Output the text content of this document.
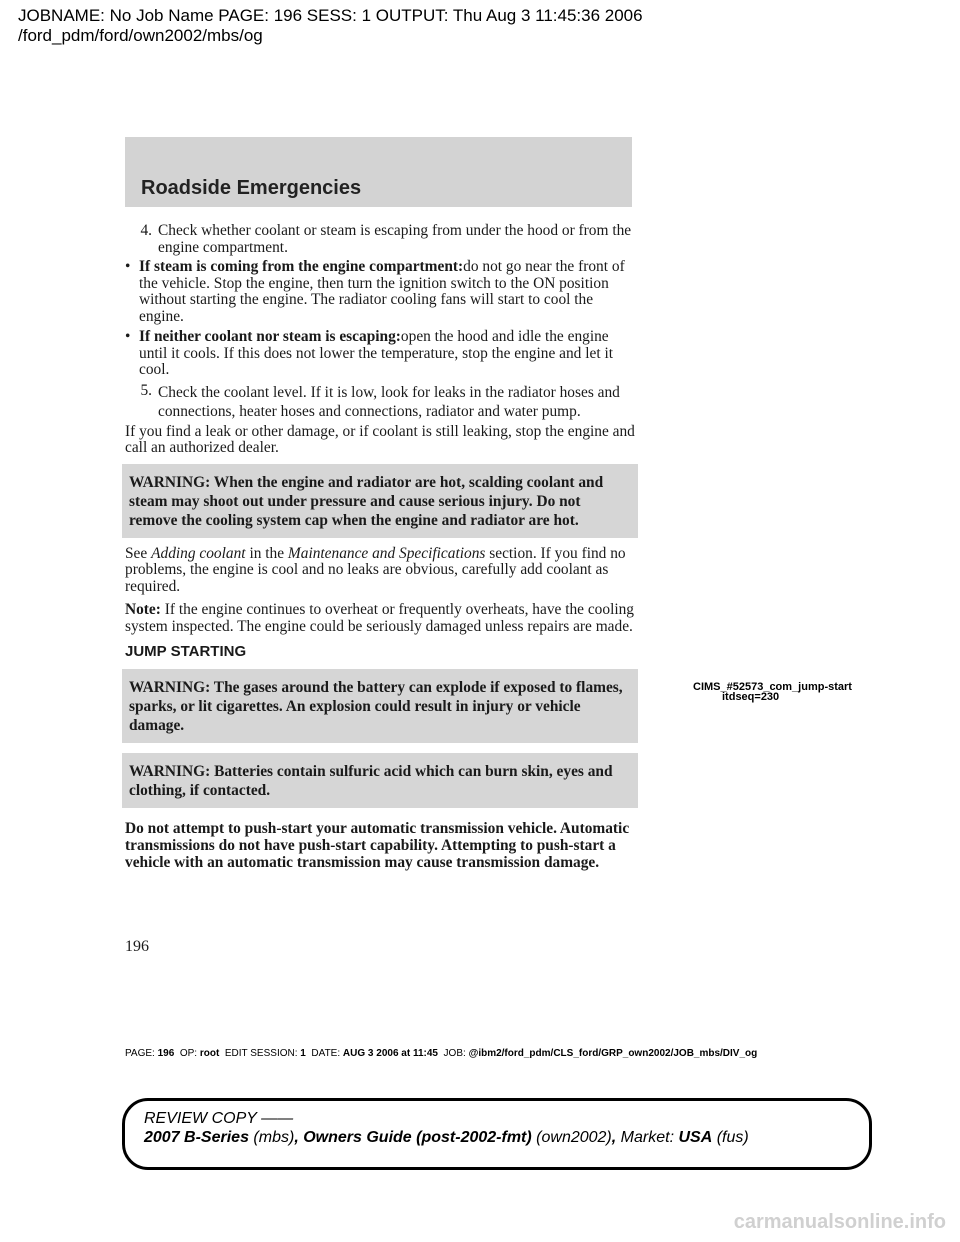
JOBNAME: No Job Name PAGE: 196 SESS: 1 OUTPUT: Thu Aug 3 11:45:36 2006
/ford_pdm/ford/own2002/mbs/og
Roadside Emergencies
4. Check whether coolant or steam is escaping from under the hood or from the engine compartment.
• If steam is coming from the engine compartment:do not go near the front of the vehicle. Stop the engine, then turn the ignition switch to the ON position without starting the engine. The radiator cooling fans will start to cool the engine.
• If neither coolant nor steam is escaping:open the hood and idle the engine until it cools. If this does not lower the temperature, stop the engine and let it cool.
5. Check the coolant level. If it is low, look for leaks in the radiator hoses and connections, heater hoses and connections, radiator and water pump.

If you find a leak or other damage, or if coolant is still leaking, stop the engine and call an authorized dealer.

WARNING: When the engine and radiator are hot, scalding coolant and steam may shoot out under pressure and cause serious injury. Do not remove the cooling system cap when the engine and radiator are hot.

See Adding coolant in the Maintenance and Specifications section. If you find no problems, the engine is cool and no leaks are obvious, carefully add coolant as required.

Note: If the engine continues to overheat or frequently overheats, have the cooling system inspected. The engine could be seriously damaged unless repairs are made.

JUMP STARTING
WARNING: The gases around the battery can explode if exposed to flames, sparks, or lit cigarettes. An explosion could result in injury or vehicle damage.
WARNING: Batteries contain sulfuric acid which can burn skin, eyes and clothing, if contacted.

Do not attempt to push-start your automatic transmission vehicle. Automatic transmissions do not have push-start capability. Attempting to push-start a vehicle with an automatic transmission may cause transmission damage.

CIMS_#52573_com_jump-start
itdseq=230
196
PAGE: 196 OP: root EDIT SESSION: 1 DATE: AUG 3 2006 at 11:45 JOB: @ibm2/ford_pdm/CLS_ford/GRP_own2002/JOB_mbs/DIV_og
REVIEW COPY ——
2007 B-Series (mbs), Owners Guide (post-2002-fmt) (own2002), Market: USA (fus)
carmanualsonline.info
